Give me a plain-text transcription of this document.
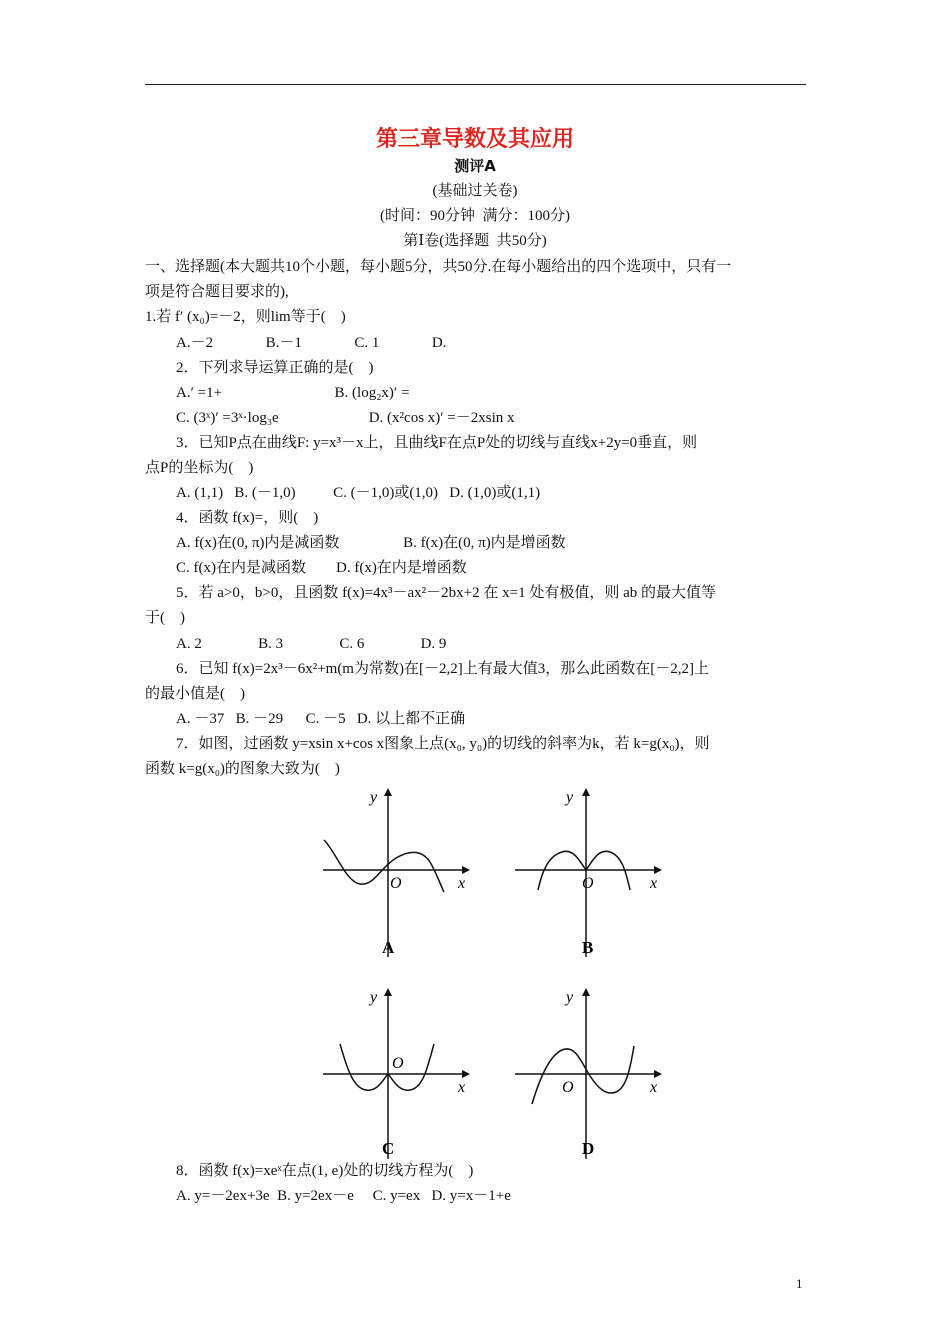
第三章导数及其应用
测评A
(基础过关卷)
(时间：90分钟  满分：100分)
第Ⅰ卷(选择题  共50分)
一、选择题(本大题共10个小题，每小题5分，共50分.在每小题给出的四个选项中，只有一
项是符合题目要求的),
1.若 f′ (x₀)=－2，则lim等于(    )
A.－2              B.－1              C. 1              D.
2．下列求导运算正确的是(    )
A.′ =1+                              B. (log₂x)′ =
C. (3ˣ)′ =3ˣ·log₃e                        D. (x²cos x)′ =－2xsin x
3．已知P点在曲线F: y=x³－x上，且曲线F在点P处的切线与直线x+2y=0垂直，则
点P的坐标为(    )
A. (1,1)   B. (－1,0)          C. (－1,0)或(1,0)   D. (1,0)或(1,1)
4．函数 f(x)=，则(    )
A. f(x)在(0, π)内是减函数                 B. f(x)在(0, π)内是增函数
C. f(x)在内是减函数        D. f(x)在内是增函数
5．若 a>0，b>0，且函数 f(x)=4x³－ax²－2bx+2 在 x=1 处有极值，则 ab 的最大值等
于(    )
A. 2               B. 3               C. 6               D. 9
6．已知 f(x)=2x³－6x²+m(m为常数)在[－2,2]上有最大值3，那么此函数在[－2,2]上
的最小值是(    )
A. －37   B. －29      C. －5   D. 以上都不正确
7．如图，过函数 y=xsin x+cos x图象上点(x₀, y₀)的切线的斜率为k，若 k=g(x₀)，则
函数 k=g(x₀)的图象大致为(    )
y
x
O
A
y
x
O
B
y
x
O
C
y
x
O
D
8．函数 f(x)=xeˣ在点(1, e)处的切线方程为(    )
A. y=－2ex+3e  B. y=2ex－e     C. y=ex   D. y=x－1+e
1
